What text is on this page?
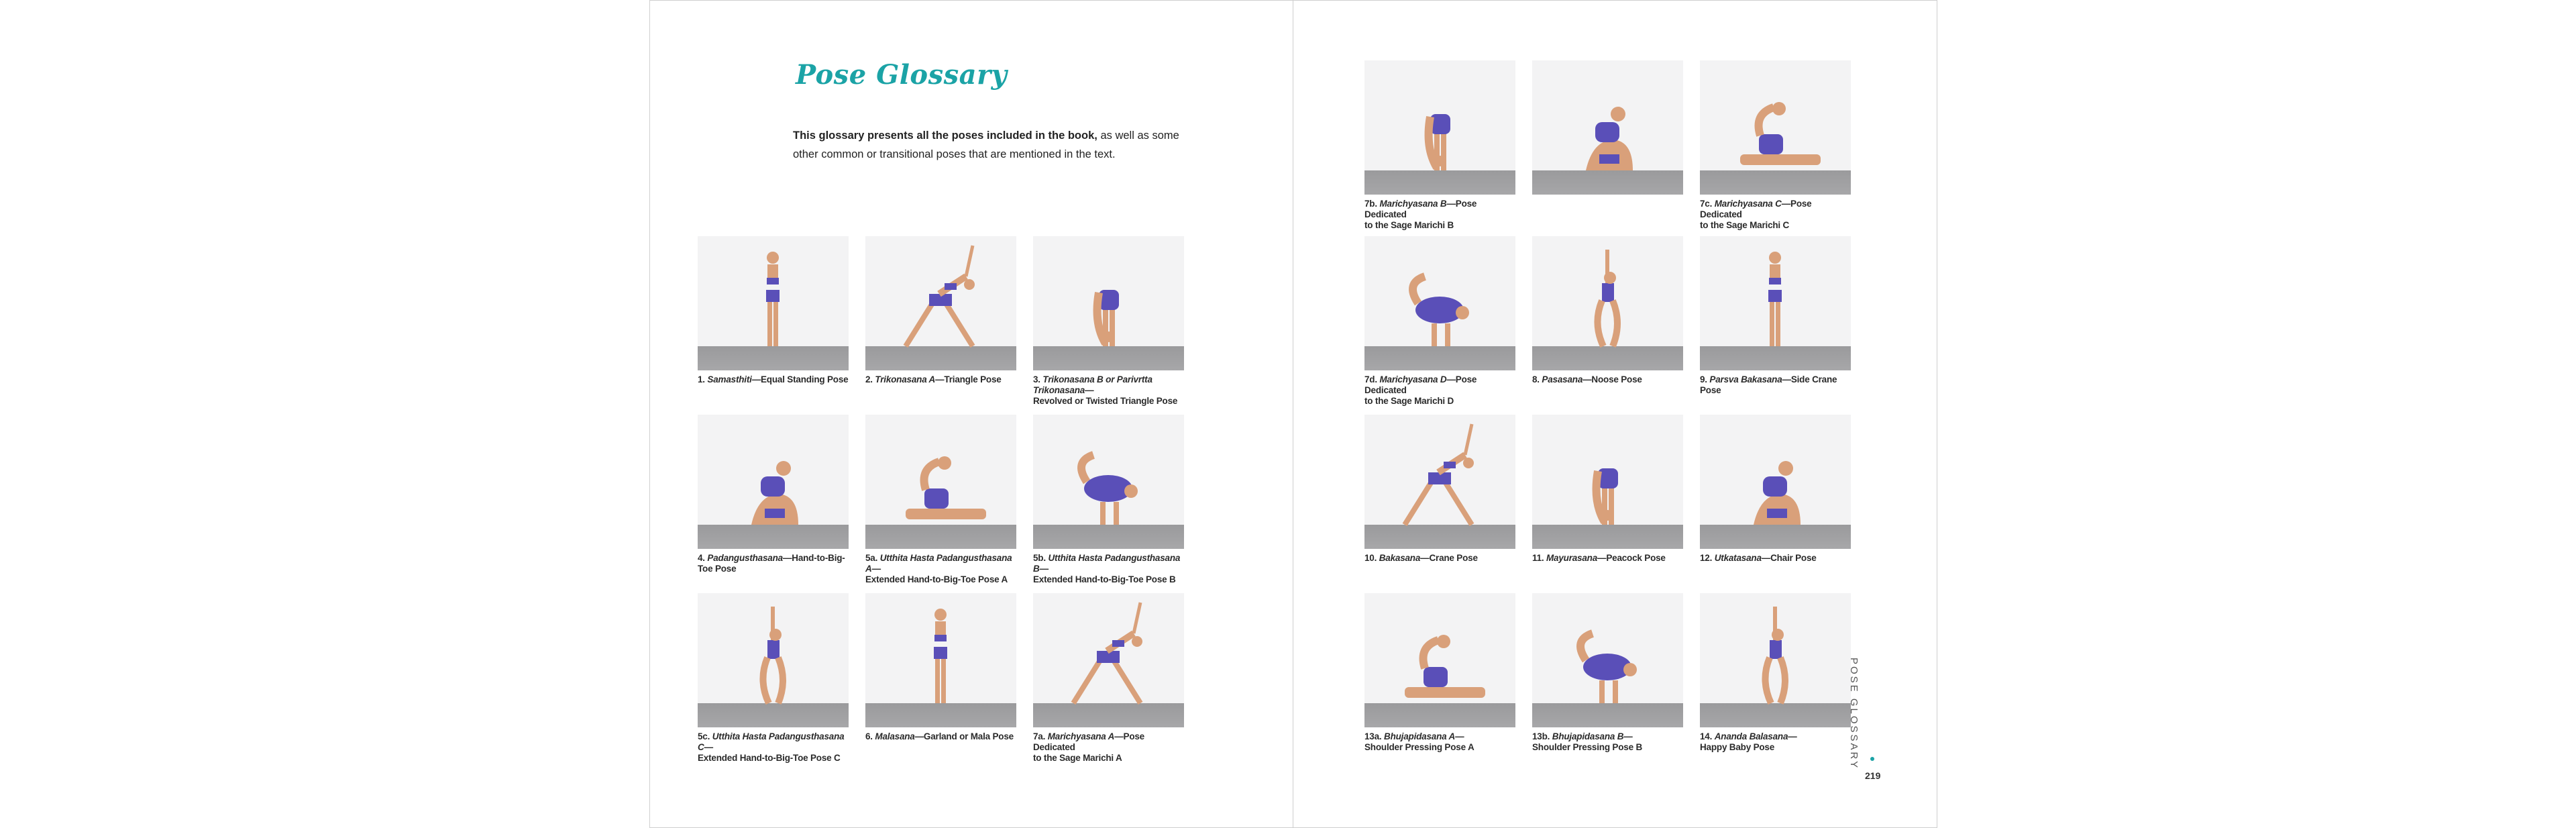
Pose Glossary
This glossary presents all the poses included in the book, as well as some other common or transitional poses that are mentioned in the text.
1. Samasthiti—Equal Standing Pose 2. Trikonasana A—Triangle Pose	3. Trikonasana B or Parivrtta Trikonasana—
Revolved or Twisted Triangle Pose
4. Padangusthasana—Hand-to-Big-
Toe Pose
5a. Utthita Hasta Padangusthasana A—
Extended Hand-to-Big-Toe Pose A
5b. Utthita Hasta Padangusthasana B—
Extended Hand-to-Big-Toe Pose B
5c. Utthita Hasta Padangusthasana C—
Extended Hand-to-Big-Toe Pose C
6. Malasana—Garland or Mala Pose 7a. Marichyasana A—Pose Dedicated
to the Sage Marichi A
7b. Marichyasana B—Pose Dedicated
to the Sage Marichi B
7c. Marichyasana C—Pose Dedicated
to the Sage Marichi C
7d. Marichyasana D—Pose Dedicated
to the Sage Marichi D
8. Pasasana—Noose Pose	9. Parsva Bakasana—Side Crane Pose
10. Bakasana—Crane Pose	11. Mayurasana—Peacock Pose	12. Utkatasana—Chair Pose
13a. Bhujapidasana A—
Shoulder Pressing Pose A
13b. Bhujapidasana B—
Shoulder Pressing Pose B
14. Ananda Balasana—
Happy Baby Pose	POSE GLOSSARY
219
